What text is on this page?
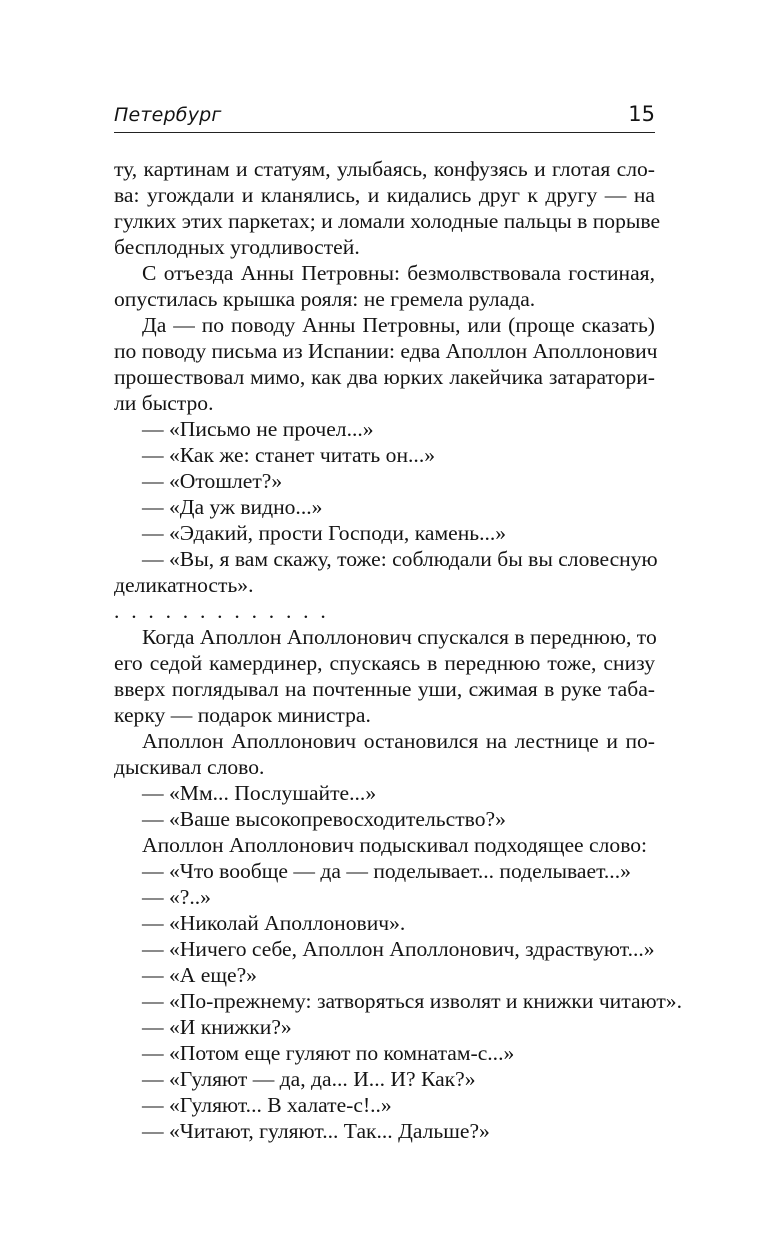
Петербург	15
ту, картинам и статуям, улыбаясь, конфузясь и глотая сло-
ва: угождали и кланялись, и кидались друг к другу — на
гулких этих паркетах; и ломали холодные пальцы в порыве
бесплодных угодливостей.
С отъезда Анны Петровны: безмолвствовала гостиная,
опустилась крышка рояля: не гремела рулада.
Да — по поводу Анны Петровны, или (проще сказать)
по поводу письма из Испании: едва Аполлон Аполлонович
прошествовал мимо, как два юрких лакейчика затаратори-
ли быстро.
— «Письмо не прочел...»
— «Как же: станет читать он...»
— «Отошлет?»
— «Да уж видно...»
— «Эдакий, прости Господи, камень...»
— «Вы, я вам скажу, тоже: соблюдали бы вы словесную
деликатность».
. . . . . . . . . . . . .
Когда Аполлон Аполлонович спускался в переднюю, то
его седой камердинер, спускаясь в переднюю тоже, снизу
вверх поглядывал на почтенные уши, сжимая в руке таба-
керку — подарок министра.
Аполлон Аполлонович остановился на лестнице и по-
дыскивал слово.
— «Мм... Послушайте...»
— «Ваше высокопревосходительство?»
Аполлон Аполлонович подыскивал подходящее слово:
— «Что вообще — да — поделывает... поделывает...»
— «?..»
— «Николай Аполлонович».
— «Ничего себе, Аполлон Аполлонович, здраствуют...»
— «А еще?»
— «По-прежнему: затворяться изволят и книжки читают».
— «И книжки?»
— «Потом еще гуляют по комнатам-с...»
— «Гуляют — да, да... И... И? Как?»
— «Гуляют... В халате-с!..»
— «Читают, гуляют... Так... Дальше?»
